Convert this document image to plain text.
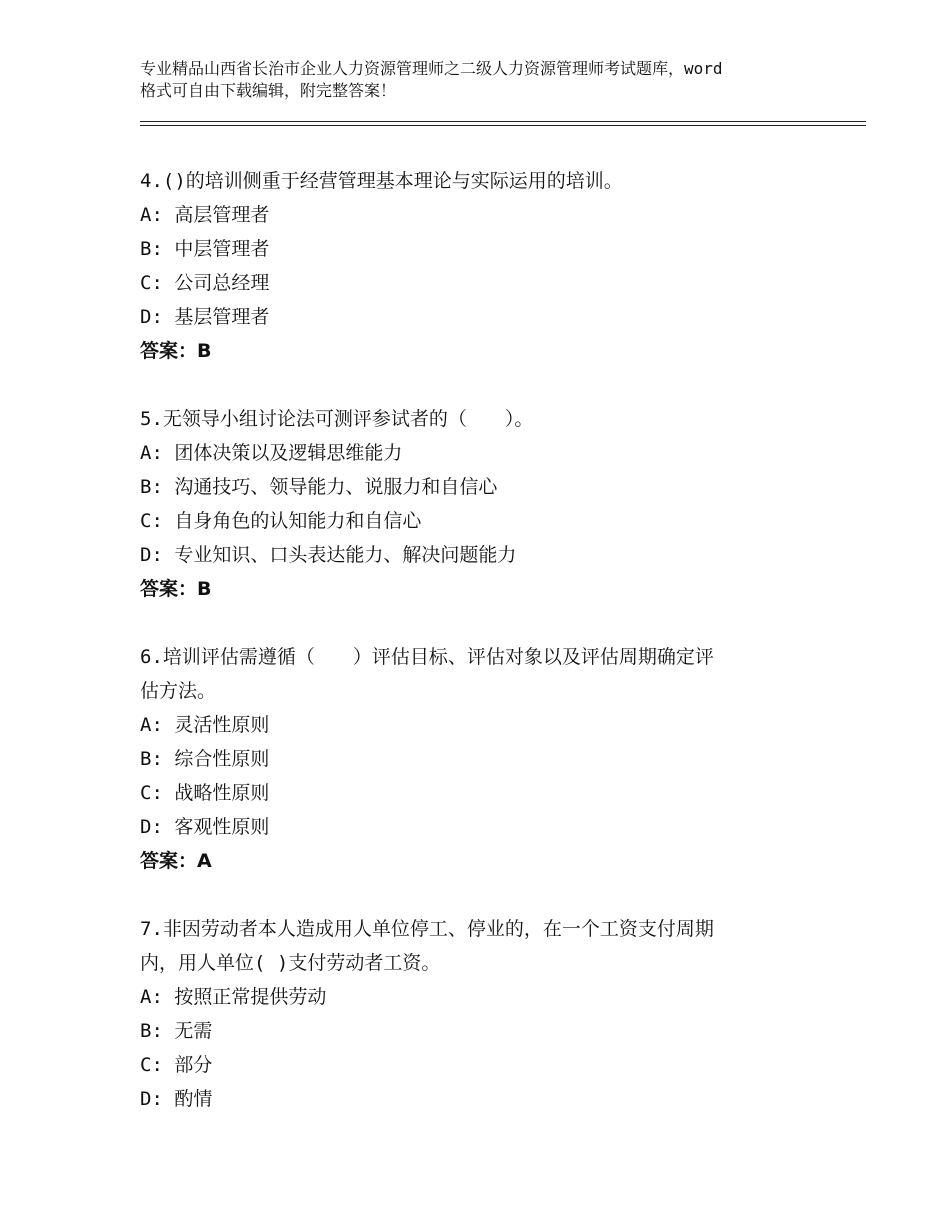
专业精品山西省长治市企业人力资源管理师之二级人力资源管理师考试题库，word

格式可自由下载编辑，附完整答案！

4.()的培训侧重于经营管理基本理论与实际运用的培训。

A: 高层管理者

B: 中层管理者

C: 公司总经理

D: 基层管理者

答案：B

5.无领导小组讨论法可测评参试者的（　　）。

A: 团体决策以及逻辑思维能力

B: 沟通技巧、领导能力、说服力和自信心

C: 自身角色的认知能力和自信心

D: 专业知识、口头表达能力、解决问题能力

答案：B

6.培训评估需遵循（　　）评估目标、评估对象以及评估周期确定评

估方法。

A: 灵活性原则

B: 综合性原则

C: 战略性原则

D: 客观性原则

答案：A

7.非因劳动者本人造成用人单位停工、停业的，在一个工资支付周期

内，用人单位( )支付劳动者工资。

A: 按照正常提供劳动

B: 无需

C: 部分

D: 酌情
